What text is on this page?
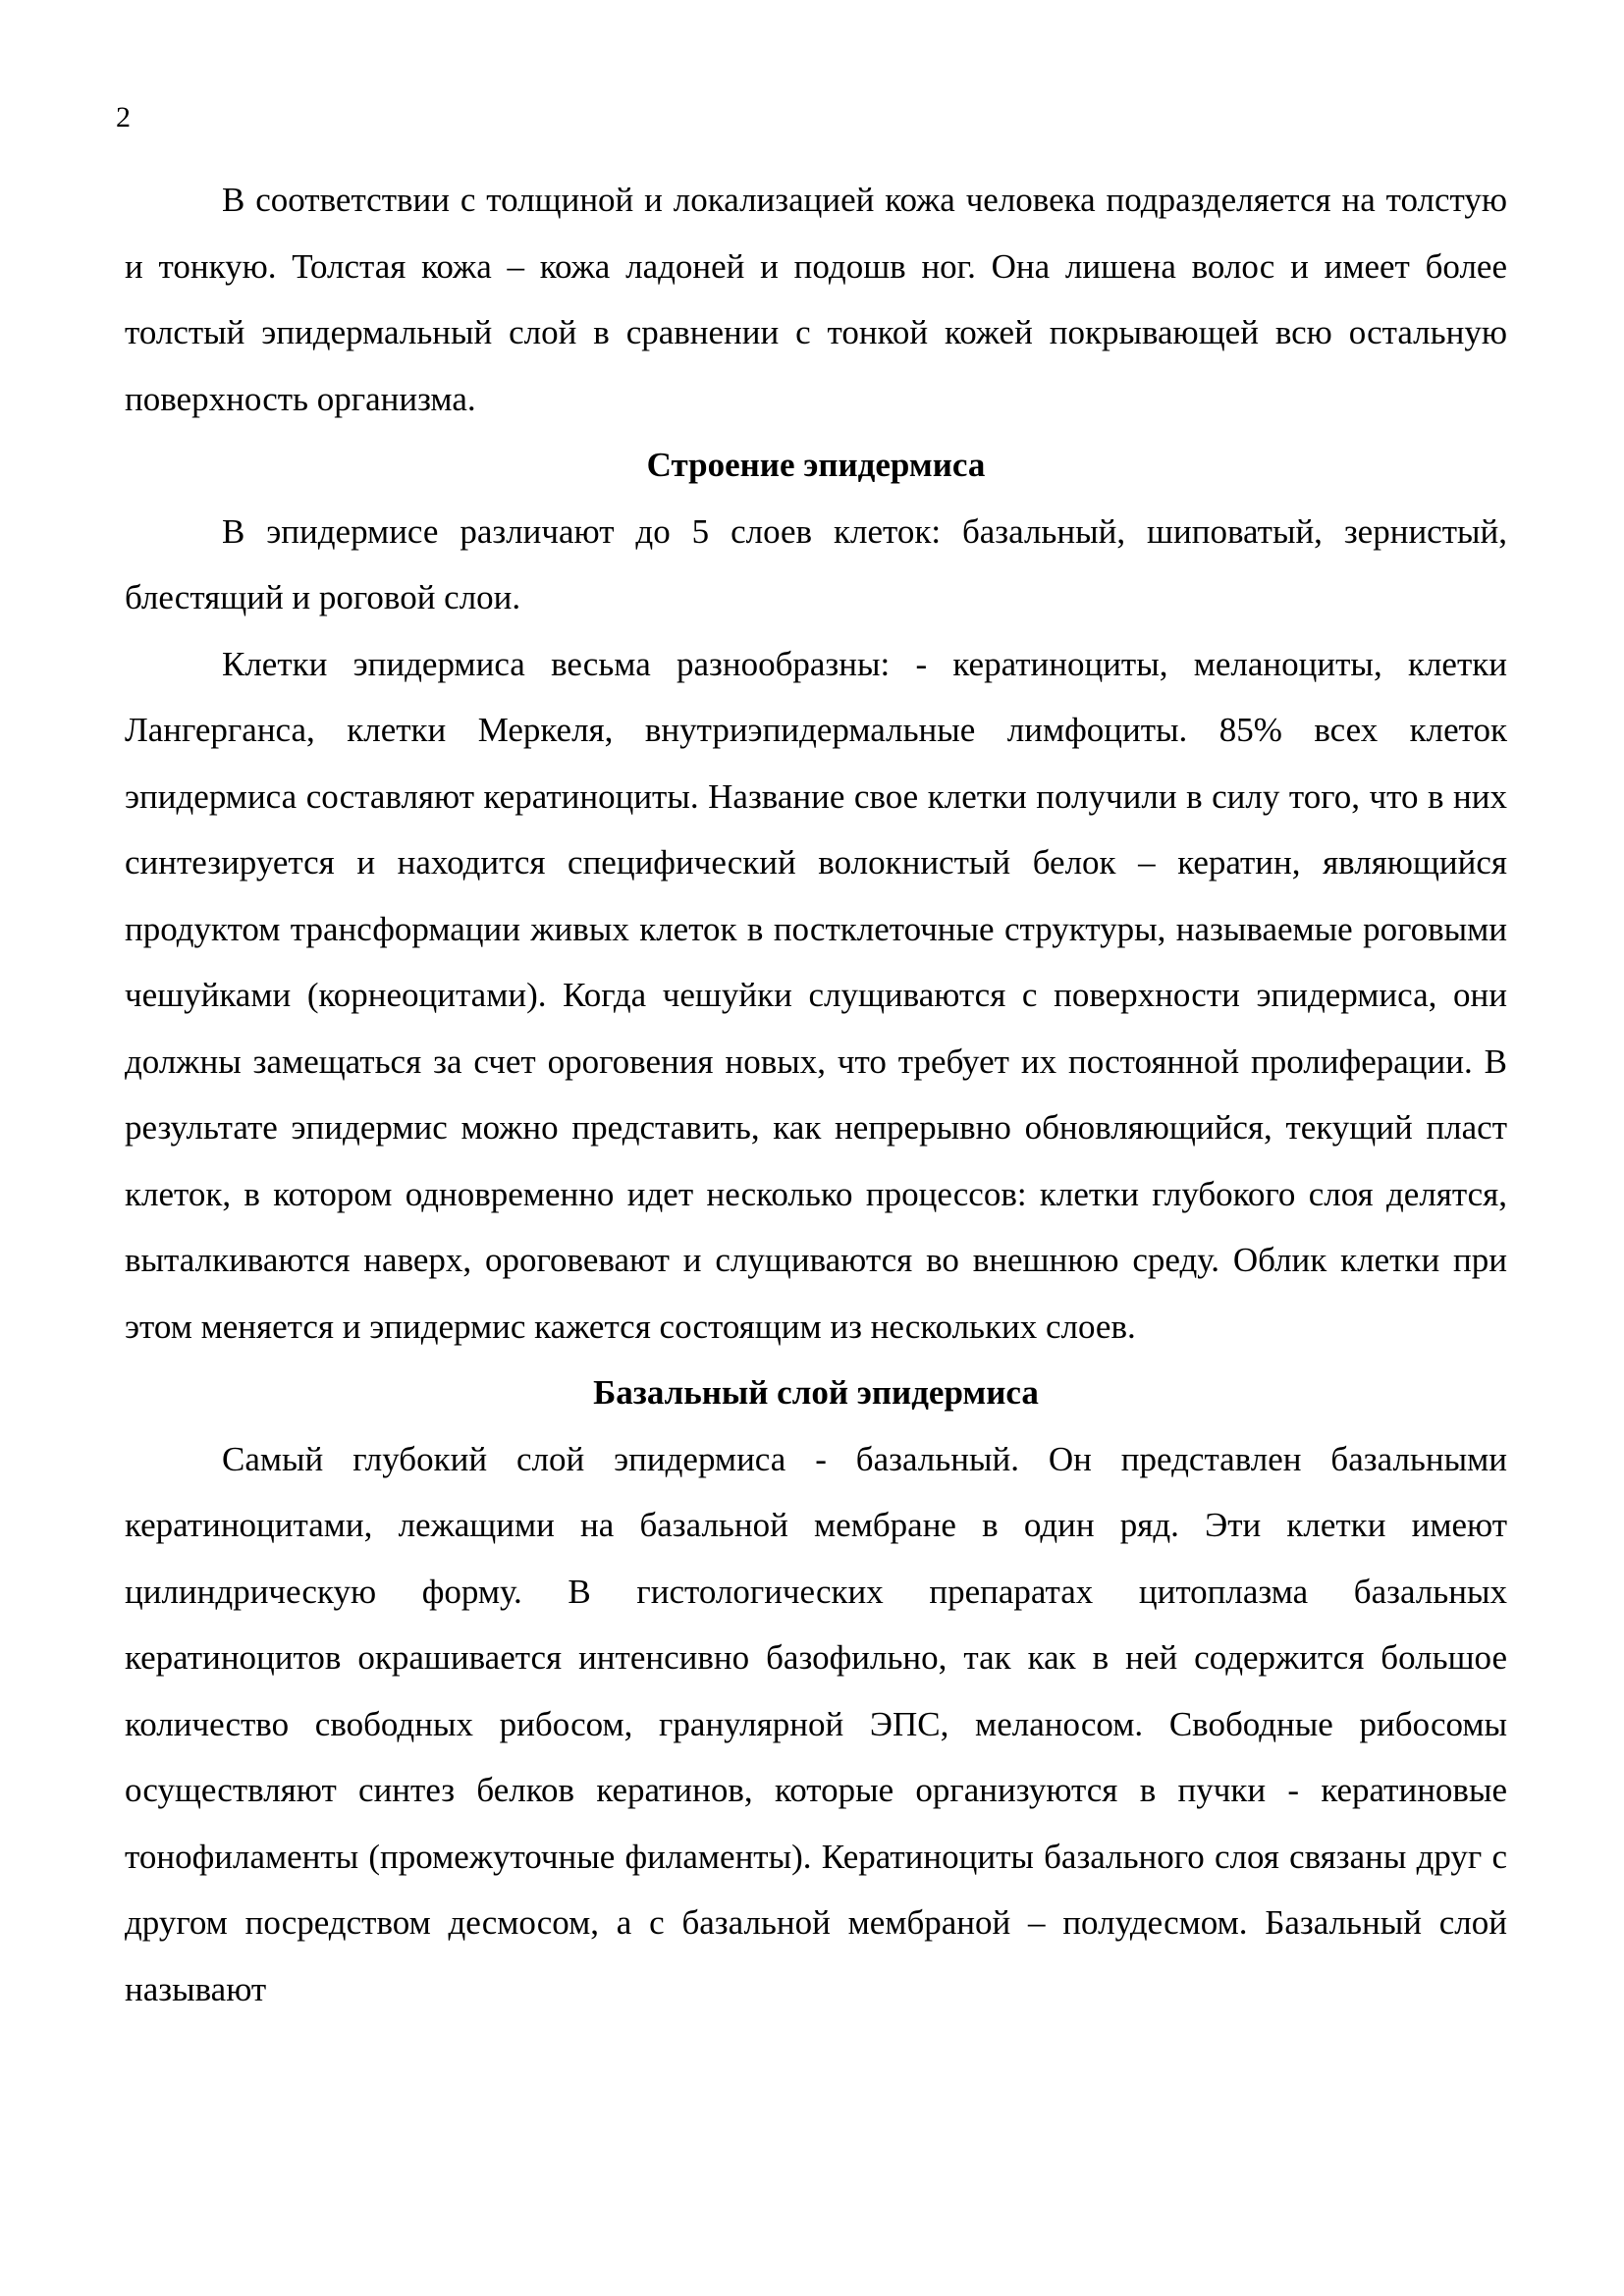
2

В соответствии с толщиной и локализацией кожа человека подразделяется на толстую и тонкую. Толстая кожа – кожа ладоней и подошв ног. Она лишена волос и имеет более толстый эпидермальный слой в сравнении с тонкой кожей покрывающей всю остальную поверхность организма.

Строение эпидермиса

В эпидермисе различают до 5 слоев клеток: базальный, шиповатый, зернистый, блестящий и роговой слои.

Клетки эпидермиса весьма разнообразны: - кератиноциты, меланоциты, клетки Лангерганса, клетки Меркеля, внутриэпидермальные лимфоциты. 85% всех клеток эпидермиса составляют кератиноциты. Название свое клетки получили в силу того, что в них синтезируется и находится специфический волокнистый белок – кератин, являющийся продуктом трансформации живых клеток в постклеточные структуры, называемые роговыми чешуйками (корнеоцитами). Когда чешуйки слущиваются с поверхности эпидермиса, они должны замещаться за счет ороговения новых, что требует их постоянной пролиферации. В результате эпидермис можно представить, как непрерывно обновляющийся, текущий пласт клеток, в котором одновременно идет несколько процессов: клетки глубокого слоя делятся, выталкиваются наверх, ороговевают и слущиваются во внешнюю среду. Облик клетки при этом меняется и эпидермис кажется состоящим из нескольких слоев.

Базальный слой эпидермиса

Самый глубокий слой эпидермиса - базальный. Он представлен базальными кератиноцитами, лежащими на базальной мембране в один ряд. Эти клетки имеют цилиндрическую форму. В гистологических препаратах цитоплазма базальных кератиноцитов окрашивается интенсивно базофильно, так как в ней содержится большое количество свободных рибосом, гранулярной ЭПС, меланосом. Свободные рибосомы осуществляют синтез белков кератинов, которые организуются в пучки - кератиновые тонофиламенты (промежуточные филаменты). Кератиноциты базального слоя связаны друг с другом посредством десмосом, а с базальной мембраной – полудесмом. Базальный слой называют
